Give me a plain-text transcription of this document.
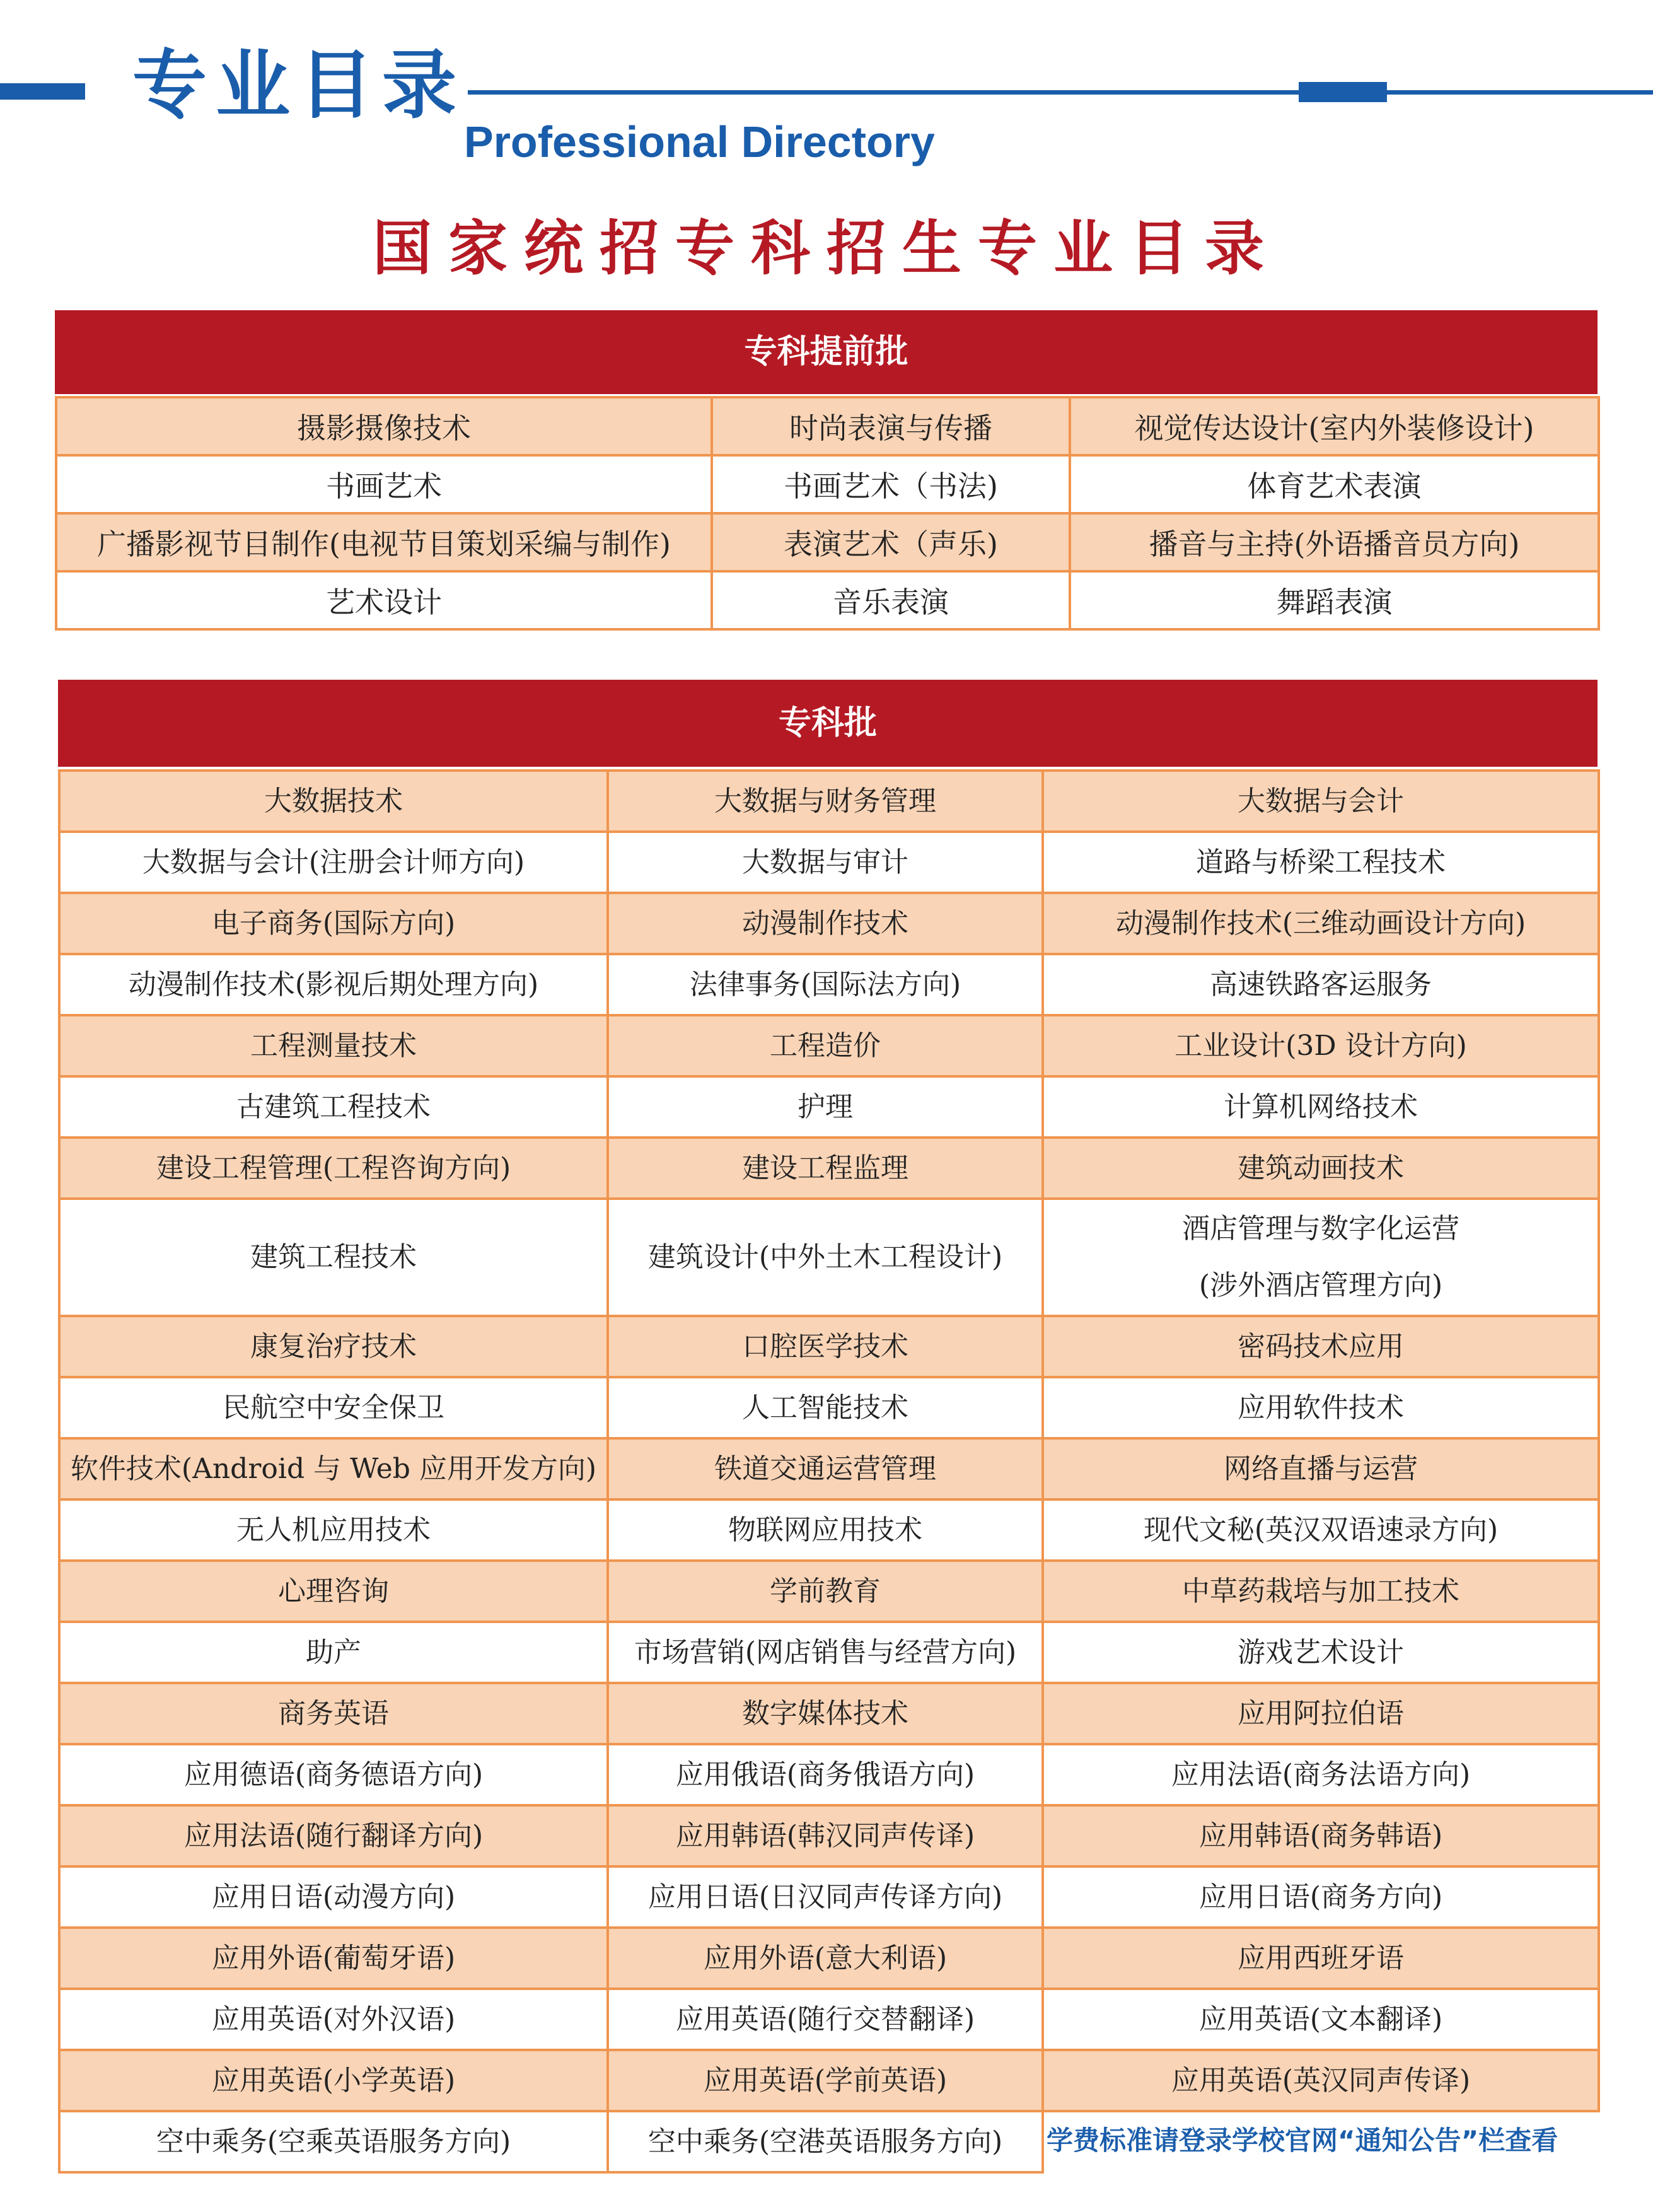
专业目录
Professional Directory
国家统招专科招生专业目录
专科提前批
摄影摄像技术	时尚表演与传播	视觉传达设计(室内外装修设计)
书画艺术	书画艺术（书法)	体育艺术表演
广播影视节目制作(电视节目策划采编与制作)	表演艺术（声乐)	播音与主持(外语播音员方向)
艺术设计	音乐表演	舞蹈表演
专科批
大数据技术	大数据与财务管理	大数据与会计
大数据与会计(注册会计师方向)	大数据与审计	道路与桥梁工程技术
电子商务(国际方向)	动漫制作技术	动漫制作技术(三维动画设计方向)
动漫制作技术(影视后期处理方向)	法律事务(国际法方向)	高速铁路客运服务
工程测量技术	工程造价	工业设计(3D 设计方向)
古建筑工程技术	护理	计算机网络技术
建设工程管理(工程咨询方向)	建设工程监理	建筑动画技术
建筑工程技术	建筑设计(中外土木工程设计)	酒店管理与数字化运营
(涉外酒店管理方向)

康复治疗技术	口腔医学技术	密码技术应用
民航空中安全保卫	人工智能技术	应用软件技术
软件技术(Android 与 Web 应用开发方向)	铁道交通运营管理	网络直播与运营
无人机应用技术	物联网应用技术	现代文秘(英汉双语速录方向)
心理咨询	学前教育	中草药栽培与加工技术
助产	市场营销(网店销售与经营方向)	游戏艺术设计
商务英语	数字媒体技术	应用阿拉伯语
应用德语(商务德语方向)	应用俄语(商务俄语方向)	应用法语(商务法语方向)
应用法语(随行翻译方向)	应用韩语(韩汉同声传译)	应用韩语(商务韩语)
应用日语(动漫方向)	应用日语(日汉同声传译方向)	应用日语(商务方向)
应用外语(葡萄牙语)	应用外语(意大利语)	应用西班牙语
应用英语(对外汉语)	应用英语(随行交替翻译)	应用英语(文本翻译)
应用英语(小学英语)	应用英语(学前英语)	应用英语(英汉同声传译)
空中乘务(空乘英语服务方向)	空中乘务(空港英语服务方向)	学费标准请登录学校官网“通知公告”栏查看
